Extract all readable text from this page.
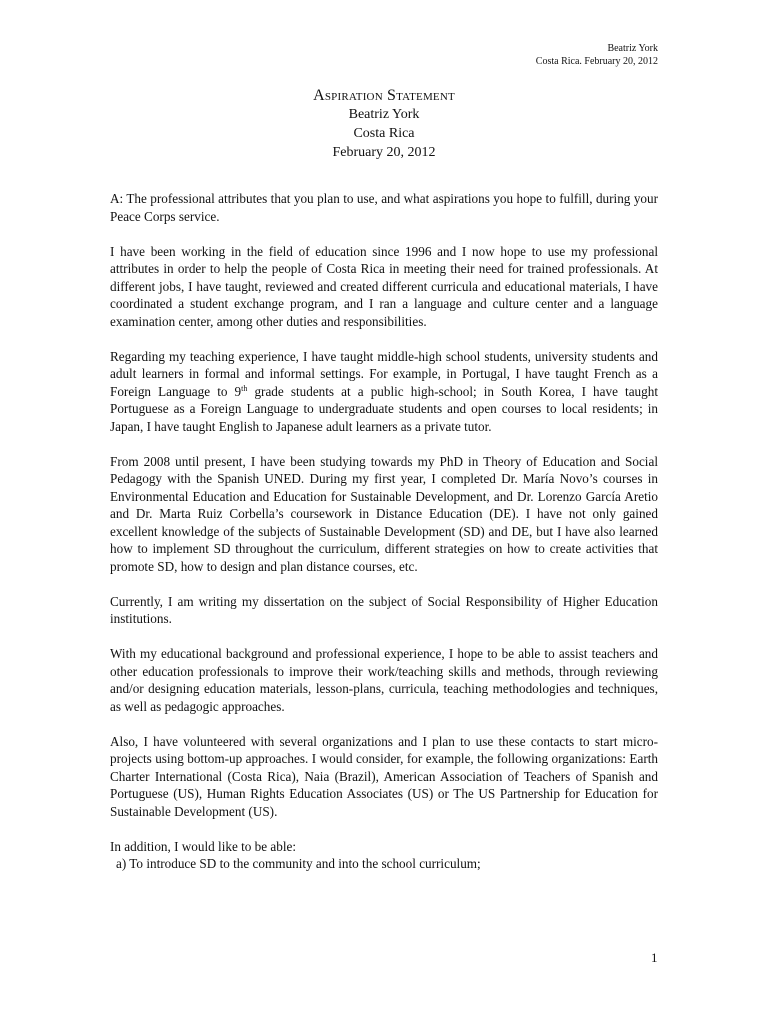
Beatriz York
Costa Rica. February 20, 2012
Aspiration Statement
Beatriz York
Costa Rica
February 20, 2012

A: The professional attributes that you plan to use, and what aspirations you hope to fulfill, during your Peace Corps service.

I have been working in the field of education since 1996 and I now hope to use my professional attributes in order to help the people of Costa Rica in meeting their need for trained professionals. At different jobs, I have taught, reviewed and created different curricula and educational materials, I have coordinated a student exchange program, and I ran a language and culture center and a language examination center, among other duties and responsibilities.

Regarding my teaching experience, I have taught middle-high school students, university students and adult learners in formal and informal settings. For example, in Portugal, I have taught French as a Foreign Language to 9th grade students at a public high-school; in South Korea, I have taught Portuguese as a Foreign Language to undergraduate students and open courses to local residents; in Japan, I have taught English to Japanese adult learners as a private tutor.

From 2008 until present, I have been studying towards my PhD in Theory of Education and Social Pedagogy with the Spanish UNED. During my first year, I completed Dr. María Novo’s courses in Environmental Education and Education for Sustainable Development, and Dr. Lorenzo García Aretio and Dr. Marta Ruiz Corbella’s coursework in Distance Education (DE). I have not only gained excellent knowledge of the subjects of Sustainable Development (SD) and DE, but I have also learned how to implement SD throughout the curriculum, different strategies on how to create activities that promote SD, how to design and plan distance courses, etc.

Currently, I am writing my dissertation on the subject of Social Responsibility of Higher Education institutions.

With my educational background and professional experience, I hope to be able to assist teachers and other education professionals to improve their work/teaching skills and methods, through reviewing and/or designing education materials, lesson-plans, curricula, teaching methodologies and techniques, as well as pedagogic approaches.

Also, I have volunteered with several organizations and I plan to use these contacts to start micro-projects using bottom-up approaches. I would consider, for example, the following organizations: Earth Charter International (Costa Rica), Naia (Brazil), American Association of Teachers of Spanish and Portuguese (US), Human Rights Education Associates (US) or The US Partnership for Education for Sustainable Development (US).

In addition, I would like to be able:

a) To introduce SD to the community and into the school curriculum;
1
